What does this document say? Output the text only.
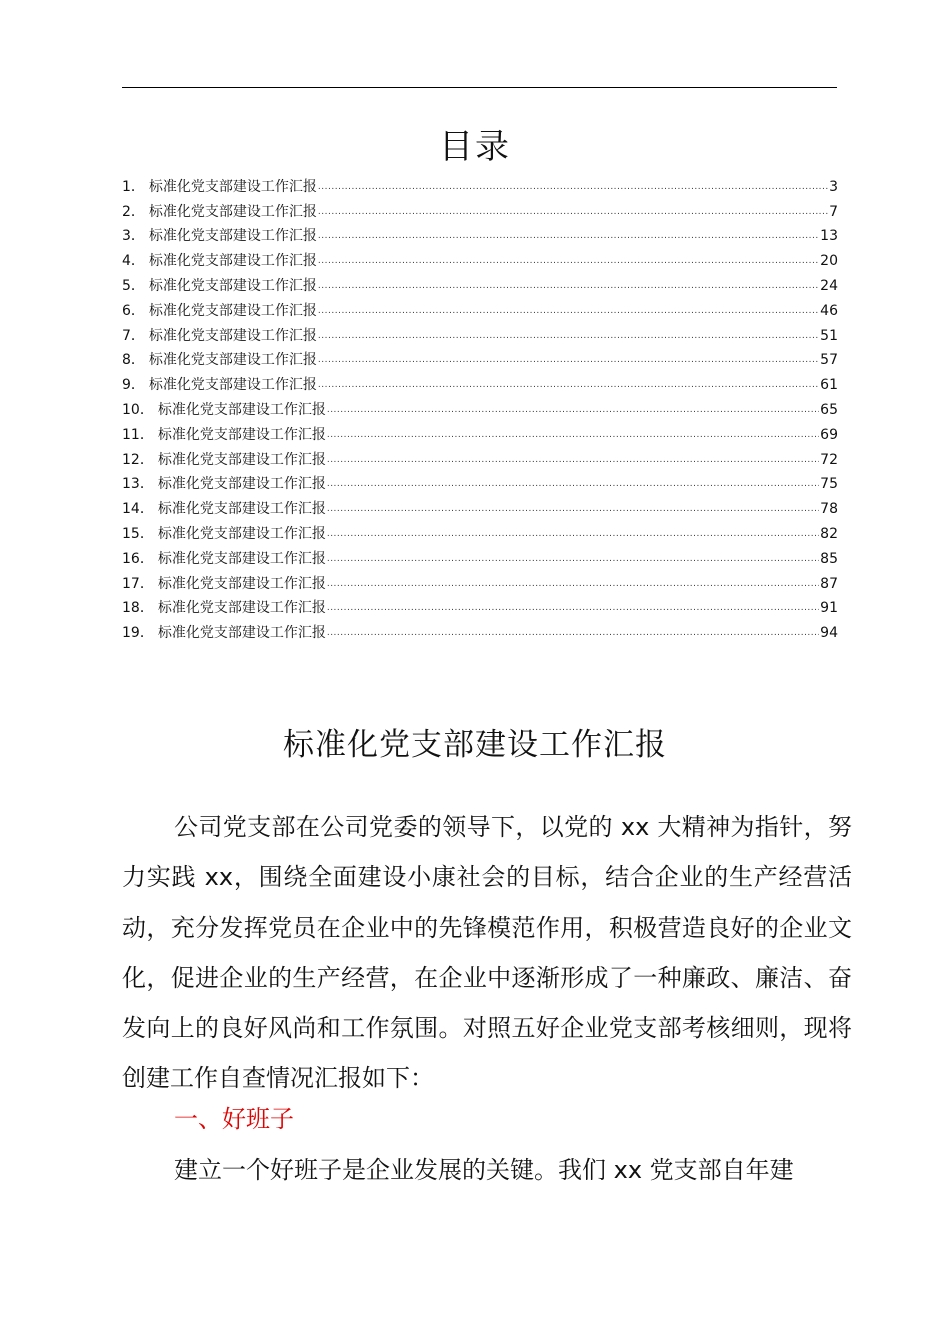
目录
1． 标准化党支部建设工作汇报 .....	3
2． 标准化党支部建设工作汇报 .....	7
3． 标准化党支部建设工作汇报 .....	13
4． 标准化党支部建设工作汇报 .....	20
5． 标准化党支部建设工作汇报 .....	24
6． 标准化党支部建设工作汇报 .....	46
7． 标准化党支部建设工作汇报 .....	51
8． 标准化党支部建设工作汇报 .....	57
9． 标准化党支部建设工作汇报 .....	61
10． 标准化党支部建设工作汇报 .....	65
11． 标准化党支部建设工作汇报 .....	69
12． 标准化党支部建设工作汇报 .....	72
13． 标准化党支部建设工作汇报 .....	75
14． 标准化党支部建设工作汇报 .....	78
15． 标准化党支部建设工作汇报 .....	82
16． 标准化党支部建设工作汇报 .....	85
17． 标准化党支部建设工作汇报 .....	87
18． 标准化党支部建设工作汇报 .....	91
19． 标准化党支部建设工作汇报 .....	94
标准化党支部建设工作汇报

公司党支部在公司党委的领导下，以党的 xx 大精神为指针，努力实践 xx，围绕全面建设小康社会的目标，结合企业的生产经营活动，充分发挥党员在企业中的先锋模范作用，积极营造良好的企业文化，促进企业的生产经营，在企业中逐渐形成了一种廉政、廉洁、奋发向上的良好风尚和工作氛围。对照五好企业党支部考核细则，现将创建工作自查情况汇报如下：

一、好班子

建立一个好班子是企业发展的关键。我们 xx 党支部自年建
